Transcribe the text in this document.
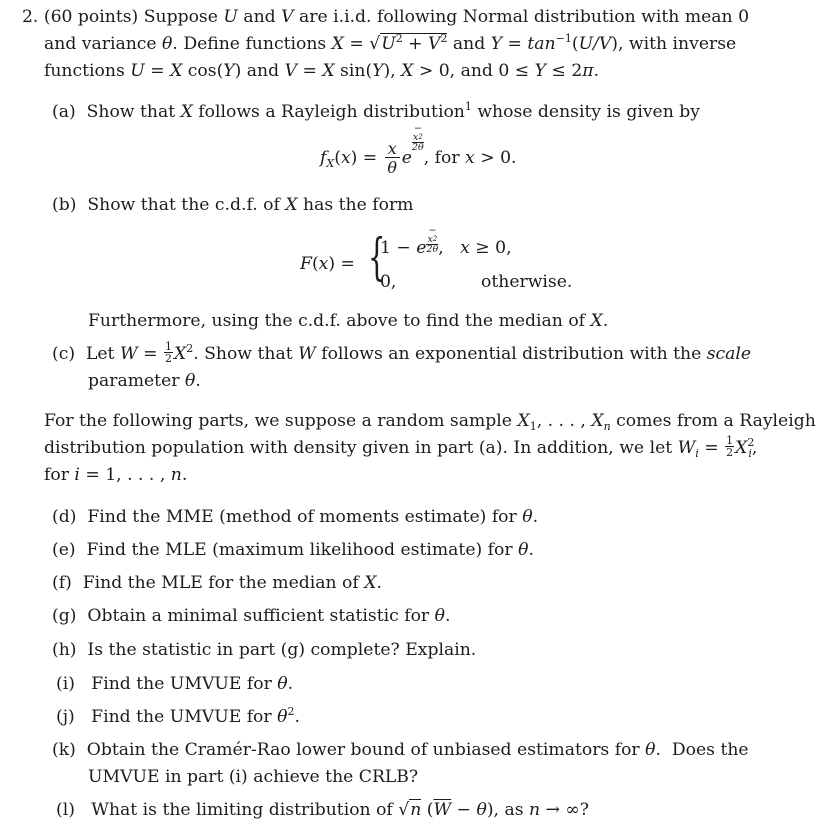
2. (60 points) Suppose U and V are i.i.d. following Normal distribution with mean 0
and variance θ. Define functions $X = √U^2 + V^2$ and $Y = \tan^{-1}(U/V)$, with inverse
functions U = X cos(Y) and V = X sin(Y), X > 0, and 0 ≤ Y ≤ 2π.
(a)  Show that X follows a Rayleigh distribution$^1$ whose density is given by
$f_X(x) = \frac{x}{\theta} e-$
$x^2$
2θ
, for x > 0.
(b)  Show that the c.d.f. of X has the form
F(x) = {
1 − e−
$x^2$
2θ ,   x ≥ 0,
0,	otherwise.
Furthermore, using the c.d.f. above to find the median of X.
(c)  Let $W = \frac{1}{2} X^2$. Show that W follows an exponential distribution with the scale
parameter θ.
For the following parts, we suppose a random sample $X_1$, . . . , $X_n$ comes from a Rayleigh
distribution population with density given in part (a). In addition, we let $W_i = \frac{1}{2} X^2_i$,
for i = 1, . . . , n.
(d)  Find the MME (method of moments estimate) for θ.
(e)  Find the MLE (maximum likelihood estimate) for θ.
(f)  Find the MLE for the median of X.
(g)  Obtain a minimal sufficient statistic for θ.
(h)  Is the statistic in part (g) complete? Explain.
(i)   Find the UMVUE for θ.
(j)   Find the UMVUE for $\theta^2$.
(k)  Obtain the Cramér-Rao lower bound of unbiased estimators for θ.  Does the
UMVUE in part (i) achieve the CRLB?
(l)   What is the limiting distribution of √n $(\overline{W} - \theta)$, as n → ∞?
